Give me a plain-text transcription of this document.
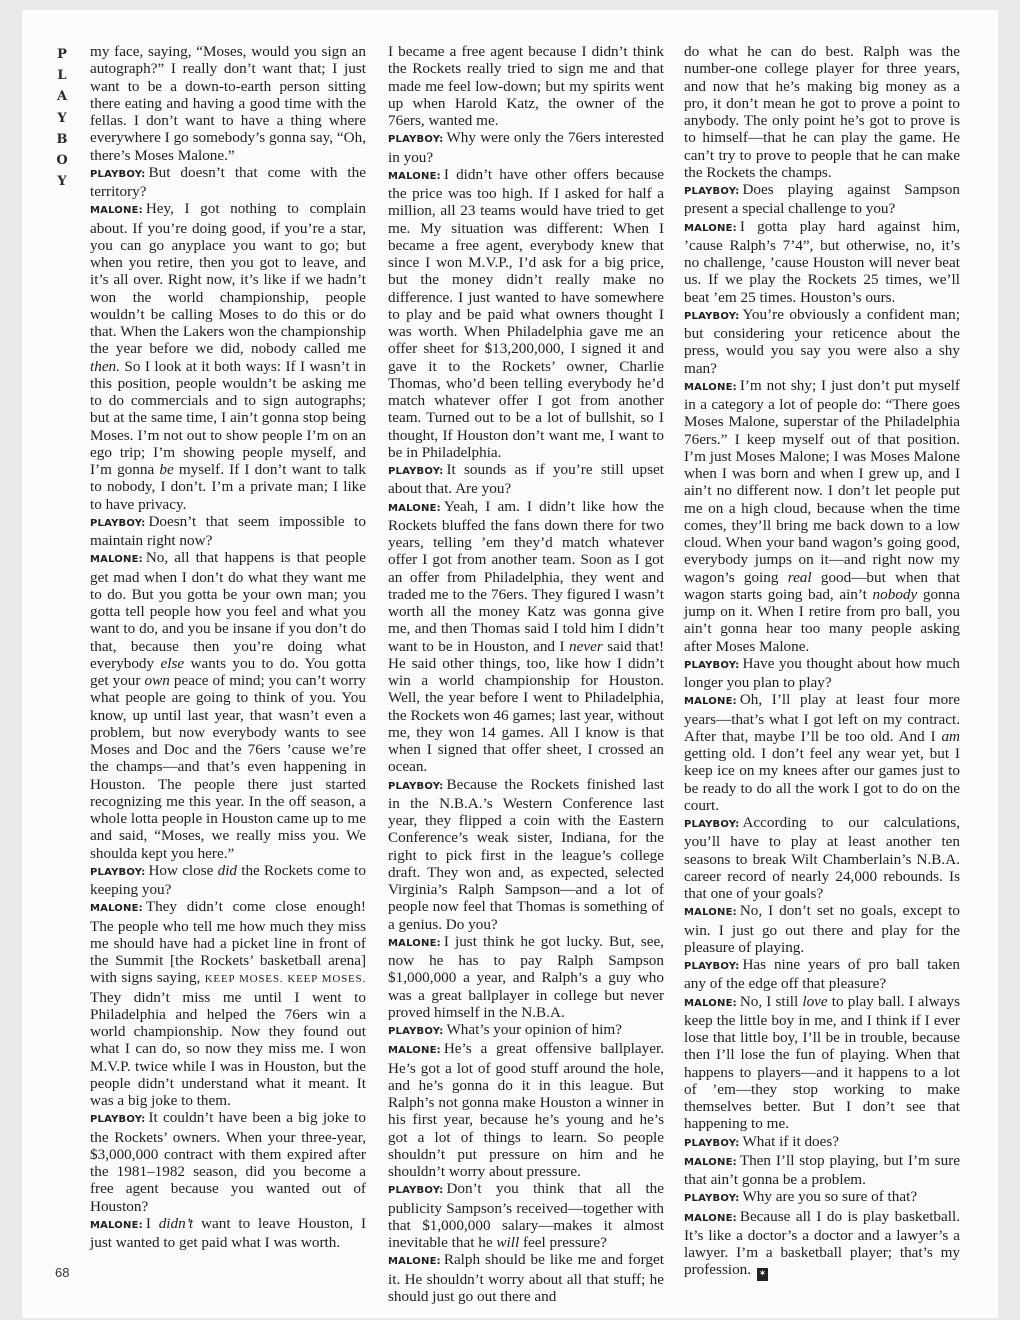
P
L
A
Y
B
O
Y

my face, saying, “Moses, would you sign an autograph?” I really don’t want that; I just want to be a down-to-earth person sitting there eating and having a good time with the fellas. I don’t want to have a thing where everywhere I go somebody’s gonna say, “Oh, there’s Moses Malone.”

PLAYBOY: But doesn’t that come with the territory?

MALONE: Hey, I got nothing to complain about. If you’re doing good, if you’re a star, you can go anyplace you want to go; but when you retire, then you got to leave, and it’s all over. Right now, it’s like if we hadn’t won the world championship, people wouldn’t be calling Moses to do this or do that. When the Lakers won the championship the year before we did, nobody called me then. So I look at it both ways: If I wasn’t in this position, people wouldn’t be asking me to do commercials and to sign autographs; but at the same time, I ain’t gonna stop being Moses. I’m not out to show people I’m on an ego trip; I’m showing people myself, and I’m gonna be myself. If I don’t want to talk to nobody, I don’t. I’m a private man; I like to have privacy.

PLAYBOY: Doesn’t that seem impossible to maintain right now?

MALONE: No, all that happens is that people get mad when I don’t do what they want me to do. But you gotta be your own man; you gotta tell people how you feel and what you want to do, and you be insane if you don’t do that, because then you’re doing what everybody else wants you to do. You gotta get your own peace of mind; you can’t worry what people are going to think of you. You know, up until last year, that wasn’t even a problem, but now everybody wants to see Moses and Doc and the 76ers ’cause we’re the champs—and that’s even happening in Houston. The people there just started recognizing me this year. In the off season, a whole lotta people in Houston came up to me and said, “Moses, we really miss you. We shoulda kept you here.”

PLAYBOY: How close did the Rockets come to keeping you?

MALONE: They didn’t come close enough! The people who tell me how much they miss me should have had a picket line in front of the Summit [the Rockets’ basketball arena] with signs saying, KEEP MOSES. KEEP MOSES. They didn’t miss me until I went to Philadelphia and helped the 76ers win a world championship. Now they found out what I can do, so now they miss me. I won M.V.P. twice while I was in Houston, but the people didn’t understand what it meant. It was a big joke to them.

PLAYBOY: It couldn’t have been a big joke to the Rockets’ owners. When your three-year, $3,000,000 contract with them expired after the 1981–1982 season, did you become a free agent because you wanted out of Houston?

MALONE: I didn’t want to leave Houston, I just wanted to get paid what I was worth.

I became a free agent because I didn’t think the Rockets really tried to sign me and that made me feel low-down; but my spirits went up when Harold Katz, the owner of the 76ers, wanted me.

PLAYBOY: Why were only the 76ers interested in you?

MALONE: I didn’t have other offers because the price was too high. If I asked for half a million, all 23 teams would have tried to get me. My situation was different: When I became a free agent, everybody knew that since I won M.V.P., I’d ask for a big price, but the money didn’t really make no difference. I just wanted to have somewhere to play and be paid what owners thought I was worth. When Philadelphia gave me an offer sheet for $13,200,000, I signed it and gave it to the Rockets’ owner, Charlie Thomas, who’d been telling everybody he’d match whatever offer I got from another team. Turned out to be a lot of bullshit, so I thought, If Houston don’t want me, I want to be in Philadelphia.

PLAYBOY: It sounds as if you’re still upset about that. Are you?

MALONE: Yeah, I am. I didn’t like how the Rockets bluffed the fans down there for two years, telling ’em they’d match whatever offer I got from another team. Soon as I got an offer from Philadelphia, they went and traded me to the 76ers. They figured I wasn’t worth all the money Katz was gonna give me, and then Thomas said I told him I didn’t want to be in Houston, and I never said that! He said other things, too, like how I didn’t win a world championship for Houston. Well, the year before I went to Philadelphia, the Rockets won 46 games; last year, without me, they won 14 games. All I know is that when I signed that offer sheet, I crossed an ocean.

PLAYBOY: Because the Rockets finished last in the N.B.A.’s Western Conference last year, they flipped a coin with the Eastern Conference’s weak sister, Indiana, for the right to pick first in the league’s college draft. They won and, as expected, selected Virginia’s Ralph Sampson—and a lot of people now feel that Thomas is something of a genius. Do you?

MALONE: I just think he got lucky. But, see, now he has to pay Ralph Sampson $1,000,000 a year, and Ralph’s a guy who was a great ballplayer in college but never proved himself in the N.B.A.

PLAYBOY: What’s your opinion of him?

MALONE: He’s a great offensive ballplayer. He’s got a lot of good stuff around the hole, and he’s gonna do it in this league. But Ralph’s not gonna make Houston a winner in his first year, because he’s young and he’s got a lot of things to learn. So people shouldn’t put pressure on him and he shouldn’t worry about pressure.

PLAYBOY: Don’t you think that all the publicity Sampson’s received—together with that $1,000,000 salary—makes it almost inevitable that he will feel pressure?

MALONE: Ralph should be like me and forget it. He shouldn’t worry about all that stuff; he should just go out there and

do what he can do best. Ralph was the number-one college player for three years, and now that he’s making big money as a pro, it don’t mean he got to prove a point to anybody. The only point he’s got to prove is to himself—that he can play the game. He can’t try to prove to people that he can make the Rockets the champs.

PLAYBOY: Does playing against Sampson present a special challenge to you?

MALONE: I gotta play hard against him, ’cause Ralph’s 7’4”, but otherwise, no, it’s no challenge, ’cause Houston will never beat us. If we play the Rockets 25 times, we’ll beat ’em 25 times. Houston’s ours.

PLAYBOY: You’re obviously a confident man; but considering your reticence about the press, would you say you were also a shy man?

MALONE: I’m not shy; I just don’t put myself in a category a lot of people do: “There goes Moses Malone, superstar of the Philadelphia 76ers.” I keep myself out of that position. I’m just Moses Malone; I was Moses Malone when I was born and when I grew up, and I ain’t no different now. I don’t let people put me on a high cloud, because when the time comes, they’ll bring me back down to a low cloud. When your band wagon’s going good, everybody jumps on it—and right now my wagon’s going real good—but when that wagon starts going bad, ain’t nobody gonna jump on it. When I retire from pro ball, you ain’t gonna hear too many people asking after Moses Malone.

PLAYBOY: Have you thought about how much longer you plan to play?

MALONE: Oh, I’ll play at least four more years—that’s what I got left on my contract. After that, maybe I’ll be too old. And I am getting old. I don’t feel any wear yet, but I keep ice on my knees after our games just to be ready to do all the work I got to do on the court.

PLAYBOY: According to our calculations, you’ll have to play at least another ten seasons to break Wilt Chamberlain’s N.B.A. career record of nearly 24,000 rebounds. Is that one of your goals?

MALONE: No, I don’t set no goals, except to win. I just go out there and play for the pleasure of playing.

PLAYBOY: Has nine years of pro ball taken any of the edge off that pleasure?

MALONE: No, I still love to play ball. I always keep the little boy in me, and I think if I ever lose that little boy, I’ll be in trouble, because then I’ll lose the fun of playing. When that happens to players—and it happens to a lot of ’em—they stop working to make themselves better. But I don’t see that happening to me.

PLAYBOY: What if it does?

MALONE: Then I’ll stop playing, but I’m sure that ain’t gonna be a problem.

PLAYBOY: Why are you so sure of that?

MALONE: Because all I do is play basketball. It’s like a doctor’s a doctor and a lawyer’s a lawyer. I’m a basketball player; that’s my profession. ✶

68
